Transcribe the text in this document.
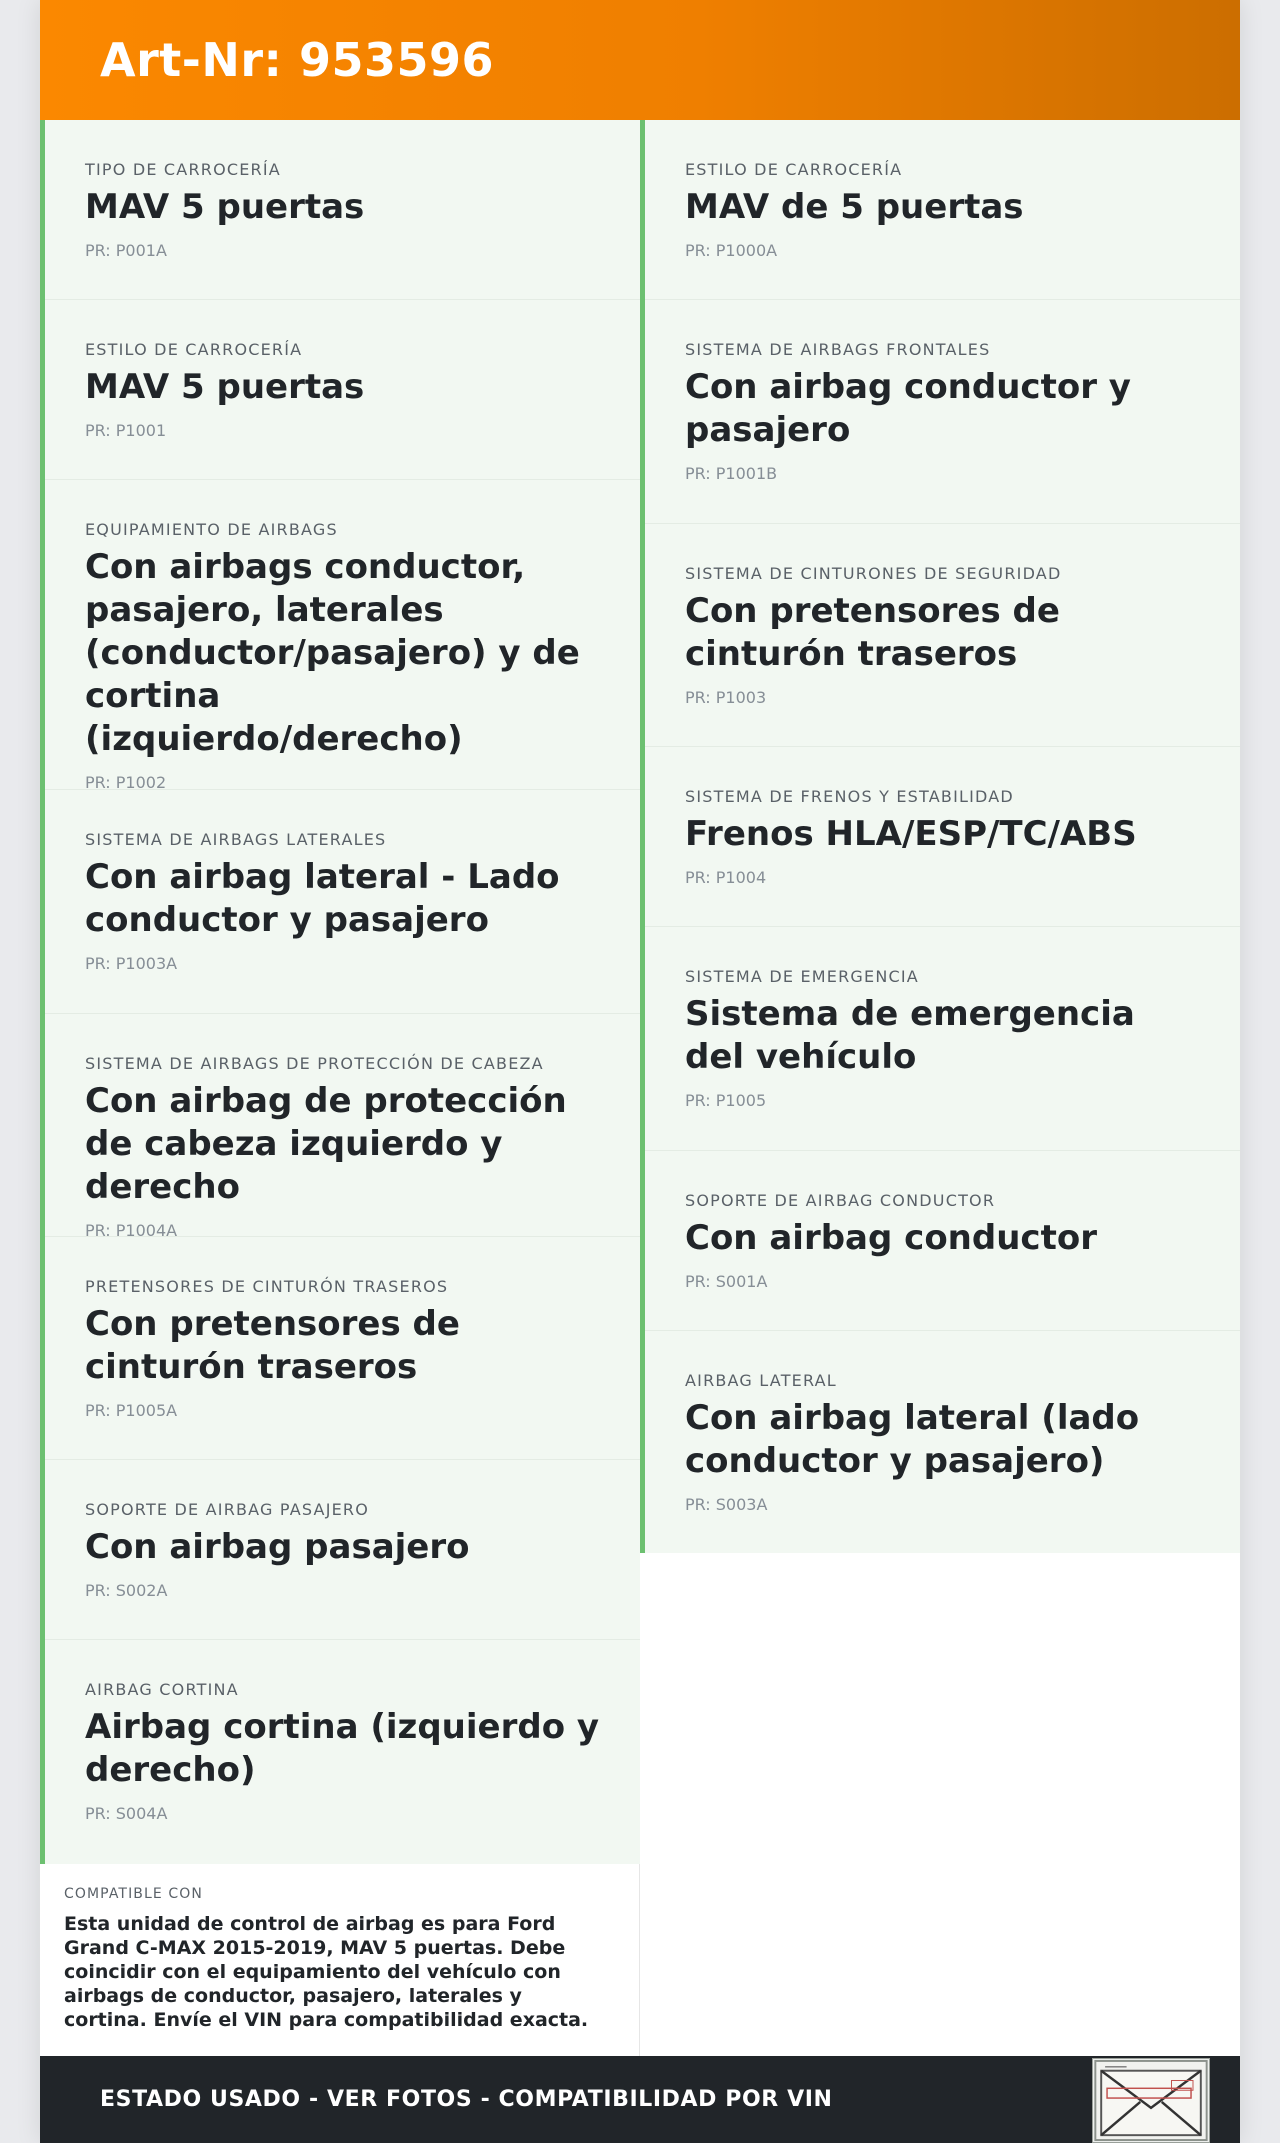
Art-Nr: 953596
TIPO DE CARROCERÍA
MAV 5 puertas
PR: P001A
ESTILO DE CARROCERÍA
MAV 5 puertas
PR: P1001
EQUIPAMIENTO DE AIRBAGS
Con airbags conductor, pasajero, laterales (conductor/pasajero) y de cortina (izquierdo/derecho)
PR: P1002
SISTEMA DE AIRBAGS LATERALES
Con airbag lateral - Lado conductor y pasajero
PR: P1003A
SISTEMA DE AIRBAGS DE PROTECCIÓN DE CABEZA
Con airbag de protección de cabeza izquierdo y derecho
PR: P1004A
PRETENSORES DE CINTURÓN TRASEROS
Con pretensores de cinturón traseros
PR: P1005A
SOPORTE DE AIRBAG PASAJERO
Con airbag pasajero
PR: S002A
AIRBAG CORTINA
Airbag cortina (izquierdo y derecho)
PR: S004A
ESTILO DE CARROCERÍA
MAV de 5 puertas
PR: P1000A
SISTEMA DE AIRBAGS FRONTALES
Con airbag conductor y pasajero
PR: P1001B
SISTEMA DE CINTURONES DE SEGURIDAD
Con pretensores de cinturón traseros
PR: P1003
SISTEMA DE FRENOS Y ESTABILIDAD
Frenos HLA/ESP/TC/ABS
PR: P1004
SISTEMA DE EMERGENCIA
Sistema de emergencia del vehículo
PR: P1005
SOPORTE DE AIRBAG CONDUCTOR
Con airbag conductor
PR: S001A
AIRBAG LATERAL
Con airbag lateral (lado conductor y pasajero)
PR: S003A
COMPATIBLE CON
Esta unidad de control de airbag es para Ford Grand C-MAX 2015-2019, MAV 5 puertas. Debe coincidir con el equipamiento del vehículo con airbags de conductor, pasajero, laterales y cortina. Envíe el VIN para compatibilidad exacta.
ESTADO USADO - VER FOTOS - COMPATIBILIDAD POR VIN
